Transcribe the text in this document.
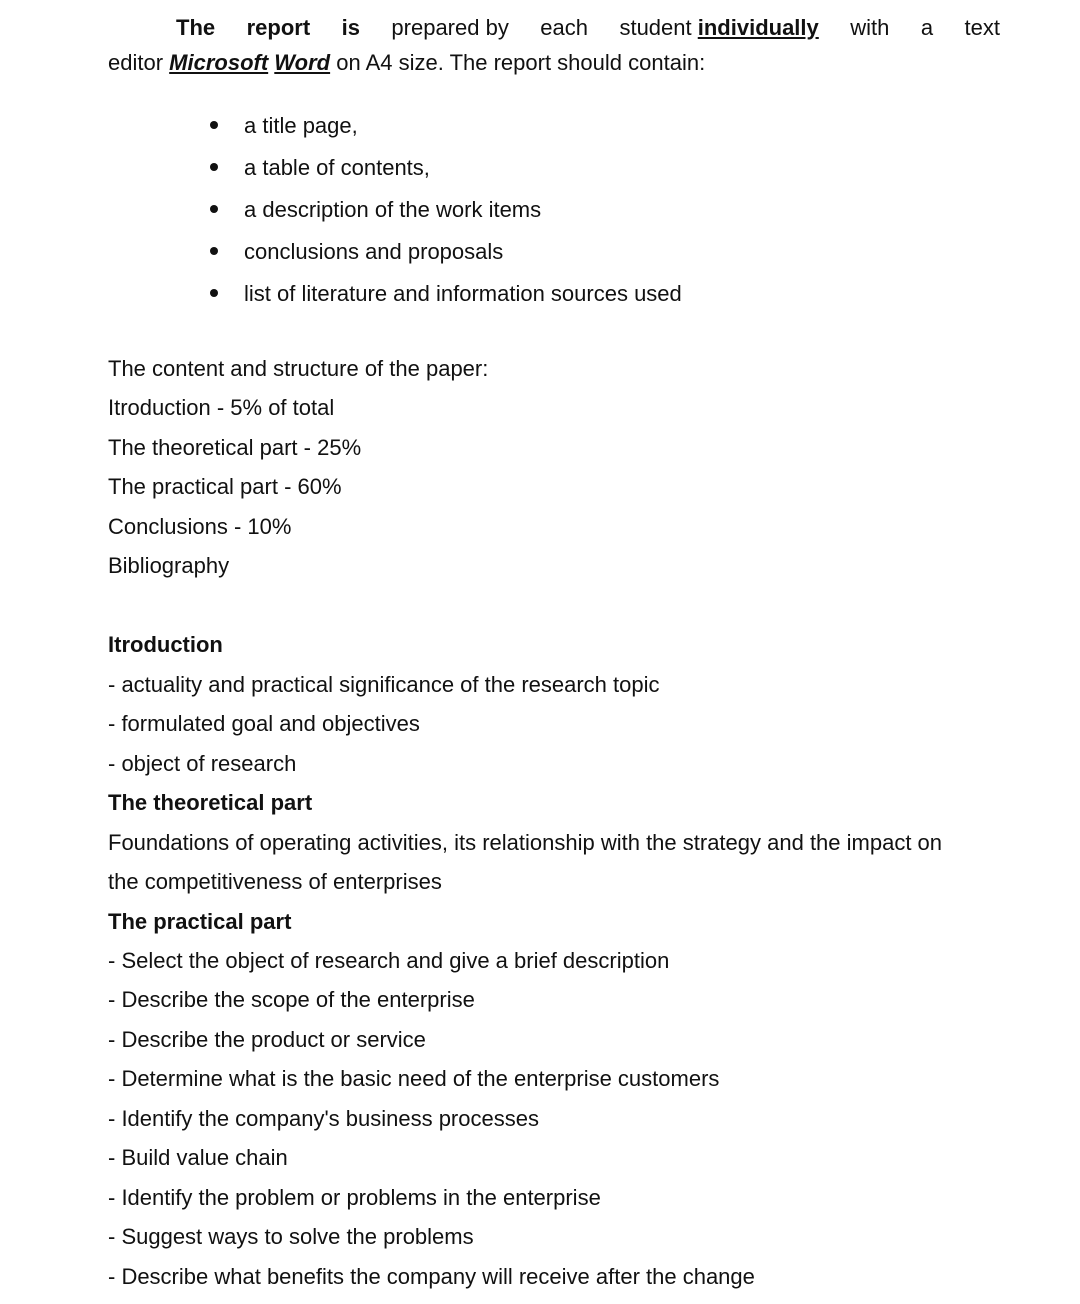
The report is prepared by each student individually with a text
editor Microsoft Word on A4 size. The report should contain:
a title page,
a table of contents,
a description of the work items
conclusions and proposals
list of literature and information sources used
The content and structure of the paper:
Itroduction - 5% of total
The theoretical part - 25%
The practical part - 60%
Conclusions - 10%
Bibliography
Itroduction
- actuality and practical significance of the research topic
- formulated goal and objectives
- object of research
The theoretical part
Foundations of operating activities, its relationship with the strategy and the impact on
the competitiveness of enterprises
The practical part
- Select the object of research and give a brief description
- Describe the scope of the enterprise
- Describe the product or service
- Determine what is the basic need of the enterprise customers
- Identify the company's business processes
- Build value chain
- Identify the problem or problems in the enterprise
- Suggest ways to solve the problems
- Describe what benefits the company will receive after the change
